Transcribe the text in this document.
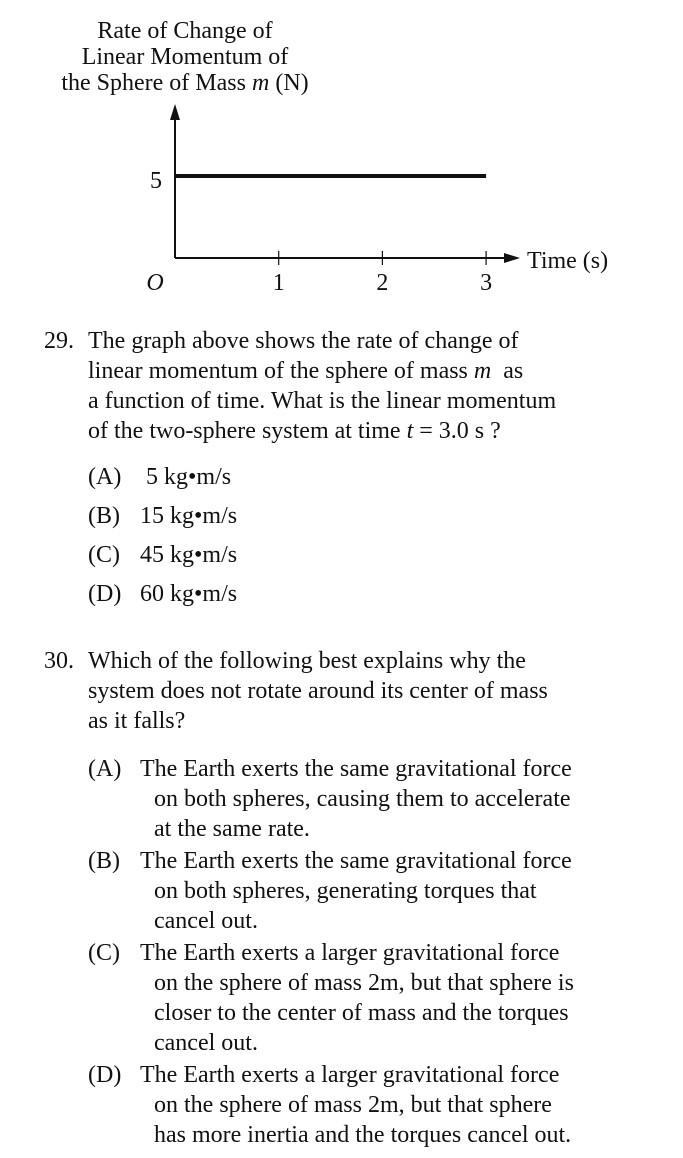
Rate of Change of
Linear Momentum of
the Sphere of Mass m (N)
1	2	3
5
O
Time (s)
29. The graph above shows the rate of change of
linear momentum of the sphere of mass m as
a function of time. What is the linear momentum
of the two-sphere system at time t = 3.0 s ?
(A) 5 kg•m/s
(B) 15 kg•m/s
(C) 45 kg•m/s
(D) 60 kg•m/s
30. Which of the following best explains why the
system does not rotate around its center of mass
as it falls?
(A) The Earth exerts the same gravitational force
on both spheres, causing them to accelerate
at the same rate.
(B) The Earth exerts the same gravitational force
on both spheres, generating torques that
cancel out.
(C) The Earth exerts a larger gravitational force
on the sphere of mass 2m, but that sphere is
closer to the center of mass and the torques
cancel out.
(D) The Earth exerts a larger gravitational force
on the sphere of mass 2m, but that sphere
has more inertia and the torques cancel out.
